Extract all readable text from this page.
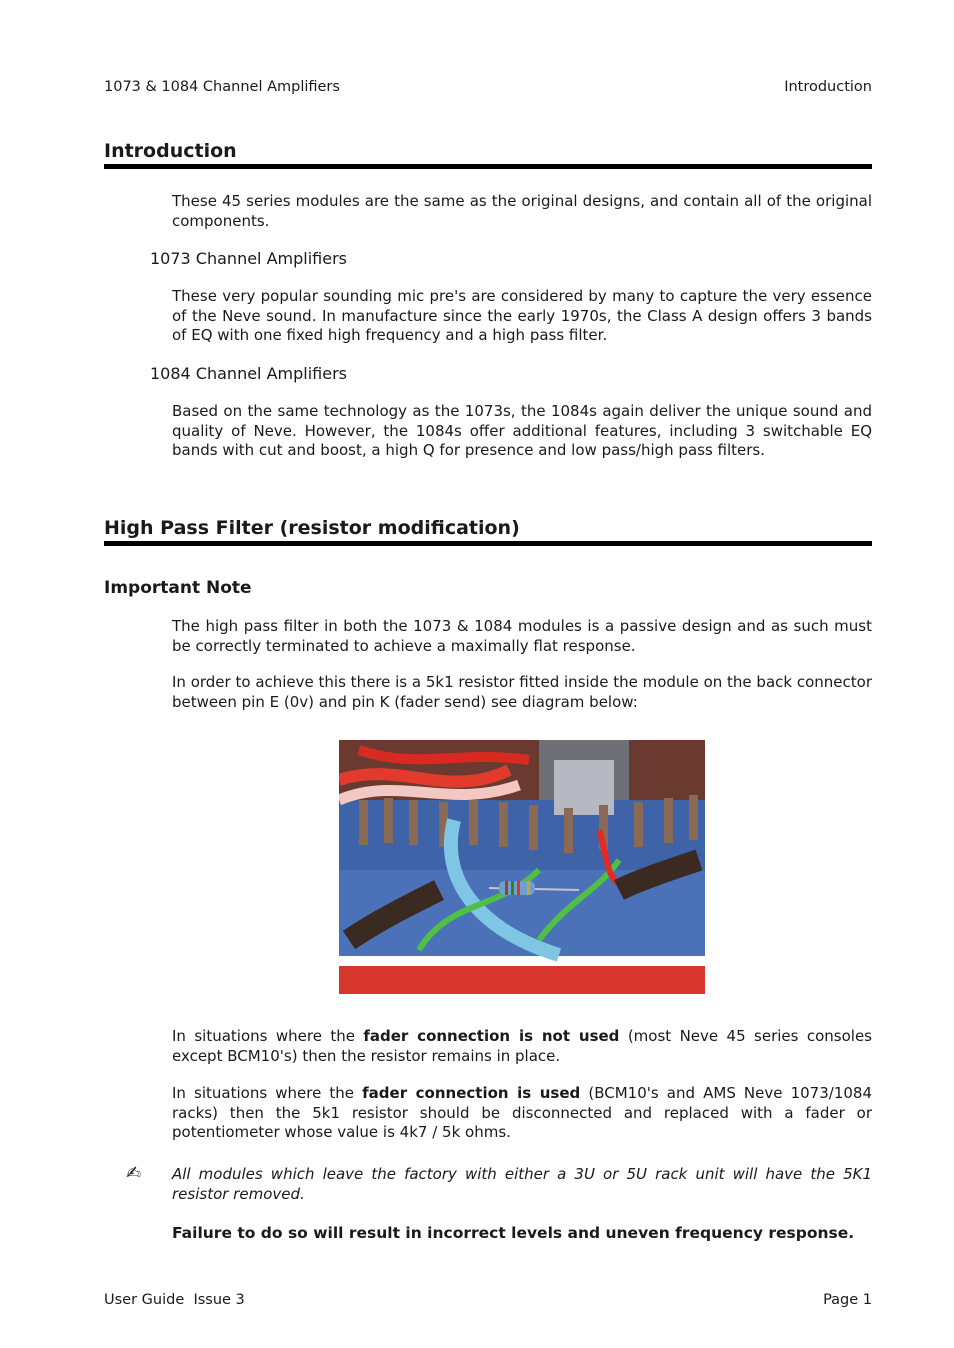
1073 & 1084 Channel Amplifiers	Introduction
Introduction

These 45 series modules are the same as the original designs, and contain all of the original components.

1073 Channel Amplifiers

These very popular sounding mic pre's are considered by many to capture the very essence of the Neve sound. In manufacture since the early 1970s, the Class A design offers 3 bands of EQ with one fixed high frequency and a high pass filter.

1084 Channel Amplifiers

Based on the same technology as the 1073s, the 1084s again deliver the unique sound and quality of Neve. However, the 1084s offer additional features, including 3 switchable EQ bands with cut and boost, a high Q for presence and low pass/high pass filters.

High Pass Filter (resistor modification)
Important Note

The high pass filter in both the 1073 & 1084 modules is a passive design and as such must be correctly terminated to achieve a maximally flat response.

In order to achieve this there is a 5k1 resistor fitted inside the module on the back connector between pin E (0v) and pin K (fader send) see diagram below:

In situations where the fader connection is not used (most Neve 45 series consoles except BCM10's) then the resistor remains in place.

In situations where the fader connection is used (BCM10's and AMS Neve 1073/1084 racks) then the 5k1 resistor should be disconnected and replaced with a fader or potentiometer whose value is 4k7 / 5k ohms.

✍ All modules which leave the factory with either a 3U or 5U rack unit will have the 5K1 resistor removed.

Failure to do so will result in incorrect levels and uneven frequency response.

User Guide  Issue 3	Page 1
